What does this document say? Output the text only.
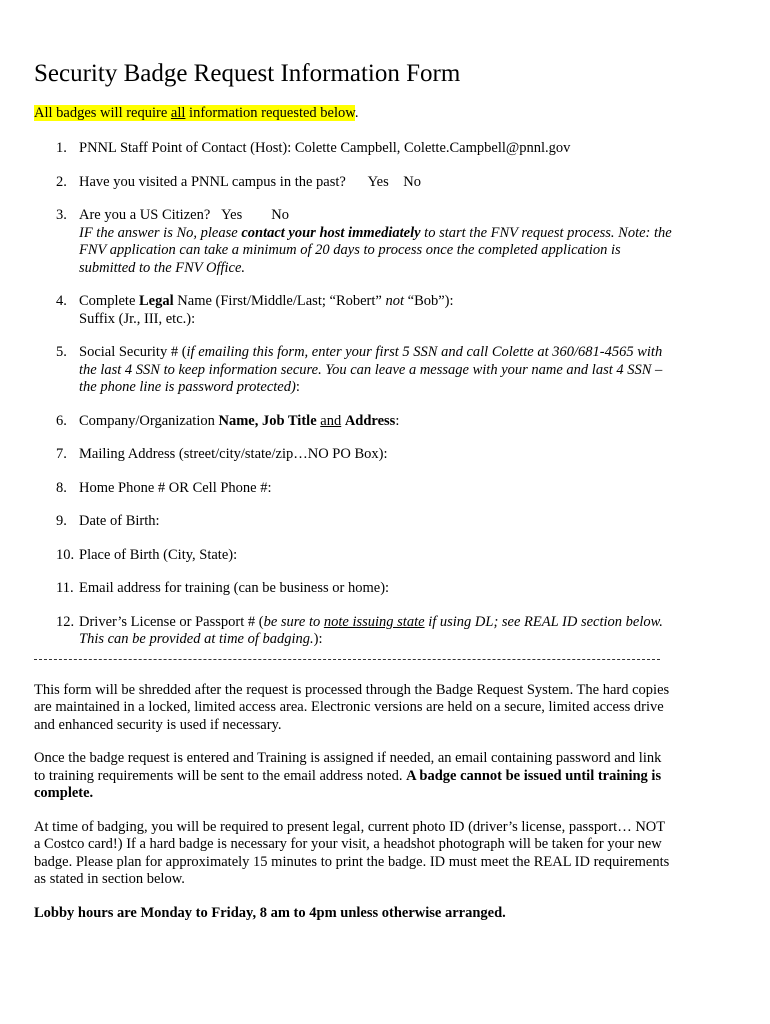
Security Badge Request Information Form
All badges will require all information requested below.
1. PNNL Staff Point of Contact (Host): Colette Campbell, Colette.Campbell@pnnl.gov
2. Have you visited a PNNL campus in the past? Yes No
3. Are you a US Citizen? Yes No
IF the answer is No, please contact your host immediately to start the FNV request process. Note: the FNV application can take a minimum of 20 days to process once the completed application is submitted to the FNV Office.
4. Complete Legal Name (First/Middle/Last; “Robert” not “Bob”):
Suffix (Jr., III, etc.):
5. Social Security # (if emailing this form, enter your first 5 SSN and call Colette at 360/681-4565 with the last 4 SSN to keep information secure. You can leave a message with your name and last 4 SSN – the phone line is password protected):
6. Company/Organization Name, Job Title and Address:
7. Mailing Address (street/city/state/zip…NO PO Box):
8. Home Phone # OR Cell Phone #:
9. Date of Birth:
10. Place of Birth (City, State):
11. Email address for training (can be business or home):
12. Driver’s License or Passport # (be sure to note issuing state if using DL; see REAL ID section below. This can be provided at time of badging.):

This form will be shredded after the request is processed through the Badge Request System. The hard copies are maintained in a locked, limited access area. Electronic versions are held on a secure, limited access drive and enhanced security is used if necessary.

Once the badge request is entered and Training is assigned if needed, an email containing password and link to training requirements will be sent to the email address noted. A badge cannot be issued until training is complete.

At time of badging, you will be required to present legal, current photo ID (driver’s license, passport… NOT a Costco card!) If a hard badge is necessary for your visit, a headshot photograph will be taken for your new badge. Please plan for approximately 15 minutes to print the badge. ID must meet the REAL ID requirements as stated in section below.

Lobby hours are Monday to Friday, 8 am to 4pm unless otherwise arranged.
